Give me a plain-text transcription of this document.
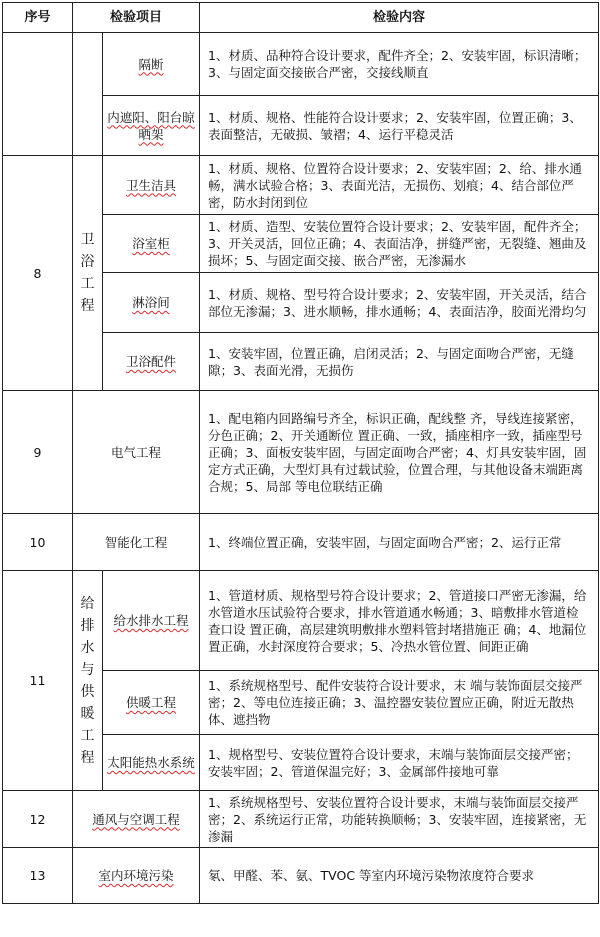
序号	检验项目		检验内容
		隔断	1、材质、品种符合设计要求，配件齐全；2、安装牢固，标识清晰；3、与固定面交接嵌合严密，交接线顺直
		内遮阳、阳台晾晒架	1、材质、规格、性能符合设计要求；2、安装牢固，位置正确；3、表面整洁，无破损、皱褶；4、运行平稳灵活
8	卫浴工程	卫生洁具	1、材质、规格、位置符合设计要求；2、安装牢固；2、给、排水通畅，满水试验合格；3、表面光洁，无损伤、划痕；4、结合部位严密，防水封闭到位
		浴室柜	1、材质、造型、安装位置符合设计要求；2、安装牢固，配件齐全；3、开关灵活，回位正确；4、表面洁净，拼缝严密，无裂缝、翘曲及损坏；5、与固定面交接、嵌合严密，无渗漏水
		淋浴间	1、材质、规格、型号符合设计要求；2、安装牢固，开关灵活，结合部位无渗漏；3、进水顺畅，排水通畅；4、表面洁净，胶面光滑均匀
		卫浴配件	1、安装牢固，位置正确，启闭灵活；2、与固定面吻合严密，无缝隙；3、表面光滑，无损伤
9	电气工程		1、配电箱内回路编号齐全，标识正确，配线整 齐，导线连接紧密，分色正确；2、开关通断位 置正确、一致，插座相序一致，插座型号正确；3、面板安装牢固，与固定面吻合严密；4、灯具安装牢固，固定方式正确，大型灯具有过载试验，位置合理，与其他设备末端距离合规；5、局部 等电位联结正确
10	智能化工程		1、终端位置正确，安装牢固，与固定面吻合严密；2、运行正常
11	给排水与供暖工程	给水排水工程	1、管道材质、规格型号符合设计要求；2、管道接口严密无渗漏，给水管道水压试验符合要求，排水管道通水畅通；3、暗敷排水管道检查口设 置正确，高层建筑明敷排水塑料管封堵措施正 确；4、地漏位置正确，水封深度符合要求；5、冷热水管位置、间距正确
		供暖工程	1、系统规格型号、配件安装符合设计要求，末 端与装饰面层交接严密；2、等电位连接正确；3、温控器安装位置应正确，附近无散热体、遮挡物
		太阳能热水系统	1、规格型号、安装位置符合设计要求，末端与装饰面层交接严密；安装牢固；2、管道保温完好；3、金属部件接地可靠
12	通风与空调工程		1、系统规格型号、安装位置符合设计要求，末端与装饰面层交接严密；2、系统运行正常，功能转换顺畅；3、安装牢固，连接紧密，无渗漏
13	室内环境污染		氡、甲醛、苯、氨、TVOC 等室内环境污染物浓度符合要求
